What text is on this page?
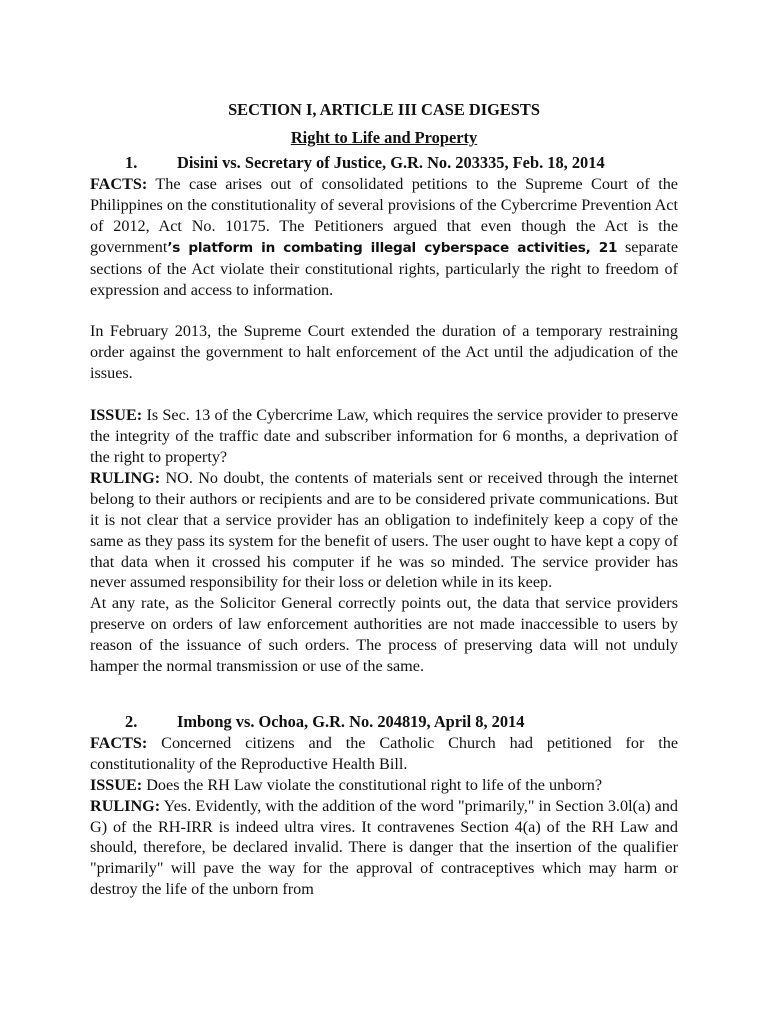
SECTION I, ARTICLE III CASE DIGESTS
Right to Life and Property
1. Disini vs. Secretary of Justice, G.R. No. 203335, Feb. 18, 2014

FACTS: The case arises out of consolidated petitions to the Supreme Court of the Philippines on the constitutionality of several provisions of the Cybercrime Prevention Act of 2012, Act No. 10175. The Petitioners argued that even though the Act is the government’s platform in combating illegal cyberspace activities, 21 separate sections of the Act violate their constitutional rights, particularly the right to freedom of expression and access to information.

In February 2013, the Supreme Court extended the duration of a temporary restraining order against the government to halt enforcement of the Act until the adjudication of the issues.

ISSUE: Is Sec. 13 of the Cybercrime Law, which requires the service provider to preserve the integrity of the traffic date and subscriber information for 6 months, a deprivation of the right to property?

RULING: NO. No doubt, the contents of materials sent or received through the internet belong to their authors or recipients and are to be considered private communications. But it is not clear that a service provider has an obligation to indefinitely keep a copy of the same as they pass its system for the benefit of users. The user ought to have kept a copy of that data when it crossed his computer if he was so minded. The service provider has never assumed responsibility for their loss or deletion while in its keep.

At any rate, as the Solicitor General correctly points out, the data that service providers preserve on orders of law enforcement authorities are not made inaccessible to users by reason of the issuance of such orders. The process of preserving data will not unduly hamper the normal transmission or use of the same.

2. Imbong vs. Ochoa, G.R. No. 204819, April 8, 2014

FACTS: Concerned citizens and the Catholic Church had petitioned for the constitutionality of the Reproductive Health Bill.

ISSUE: Does the RH Law violate the constitutional right to life of the unborn?

RULING: Yes. Evidently, with the addition of the word "primarily," in Section 3.0l(a) and G) of the RH-IRR is indeed ultra vires. It contravenes Section 4(a) of the RH Law and should, therefore, be declared invalid. There is danger that the insertion of the qualifier "primarily" will pave the way for the approval of contraceptives which may harm or destroy the life of the unborn from
